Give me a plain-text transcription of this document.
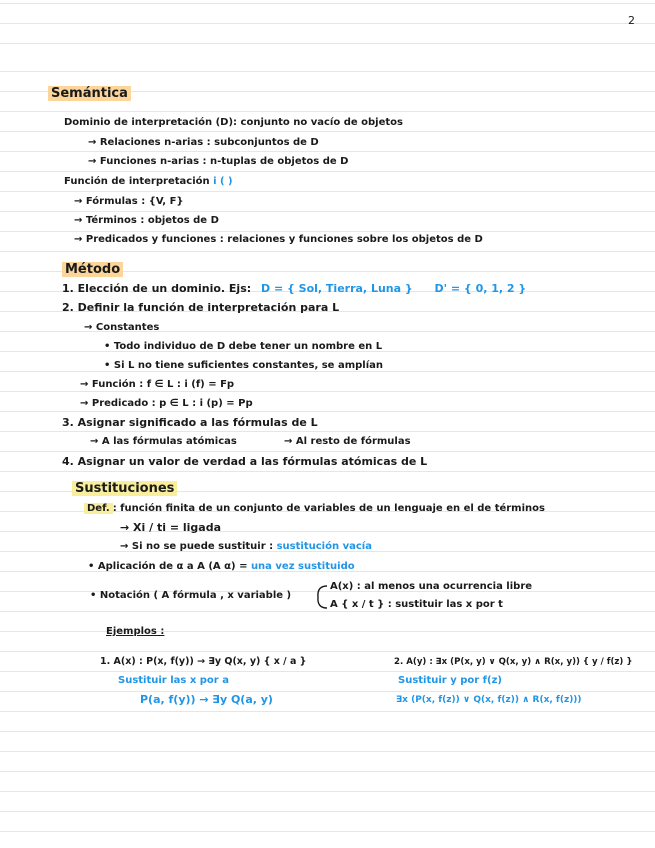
2
Semántica
Dominio de interpretación (D): conjunto no vacío de objetos
→ Relaciones n-arias : subconjuntos de D
→ Funciones n-arias : n-tuplas de objetos de D
Función de interpretación i ( )
→ Fórmulas : {V, F}
→ Términos : objetos de D
→ Predicados y funciones : relaciones y funciones sobre los objetos de D
Método
1. Elección de un dominio. Ejs: D = { Sol, Tierra, Luna } D' = { 0, 1, 2 }
2. Definir la función de interpretación para L
→ Constantes
• Todo individuo de D debe tener un nombre en L
• Si L no tiene suficientes constantes, se amplían
→ Función : f ∈ L : i (f) = Fp
→ Predicado : p ∈ L : i (p) = Pp
3. Asignar significado a las fórmulas de L
→ A las fórmulas atómicas	→ Al resto de fórmulas
4. Asignar un valor de verdad a las fórmulas atómicas de L
Sustituciones
Def. : función finita de un conjunto de variables de un lenguaje en el de términos
→ Xi / ti = ligada
→ Si no se puede sustituir : sustitución vacía
• Aplicación de α a A (A α) = una vez sustituido
• Notación ( A fórmula , x variable )
A(x) : al menos una ocurrencia libre
A { x / t } : sustituir las x por t
Ejemplos :
1. A(x) : P(x, f(y)) → ∃y Q(x, y) { x / a }
Sustituir las x por a
P(a, f(y)) → ∃y Q(a, y)
2. A(y) : ∃x (P(x, y) ∨ Q(x, y) ∧ R(x, y)) { y / f(z) }
Sustituir y por f(z)
∃x (P(x, f(z)) ∨ Q(x, f(z)) ∧ R(x, f(z)))
